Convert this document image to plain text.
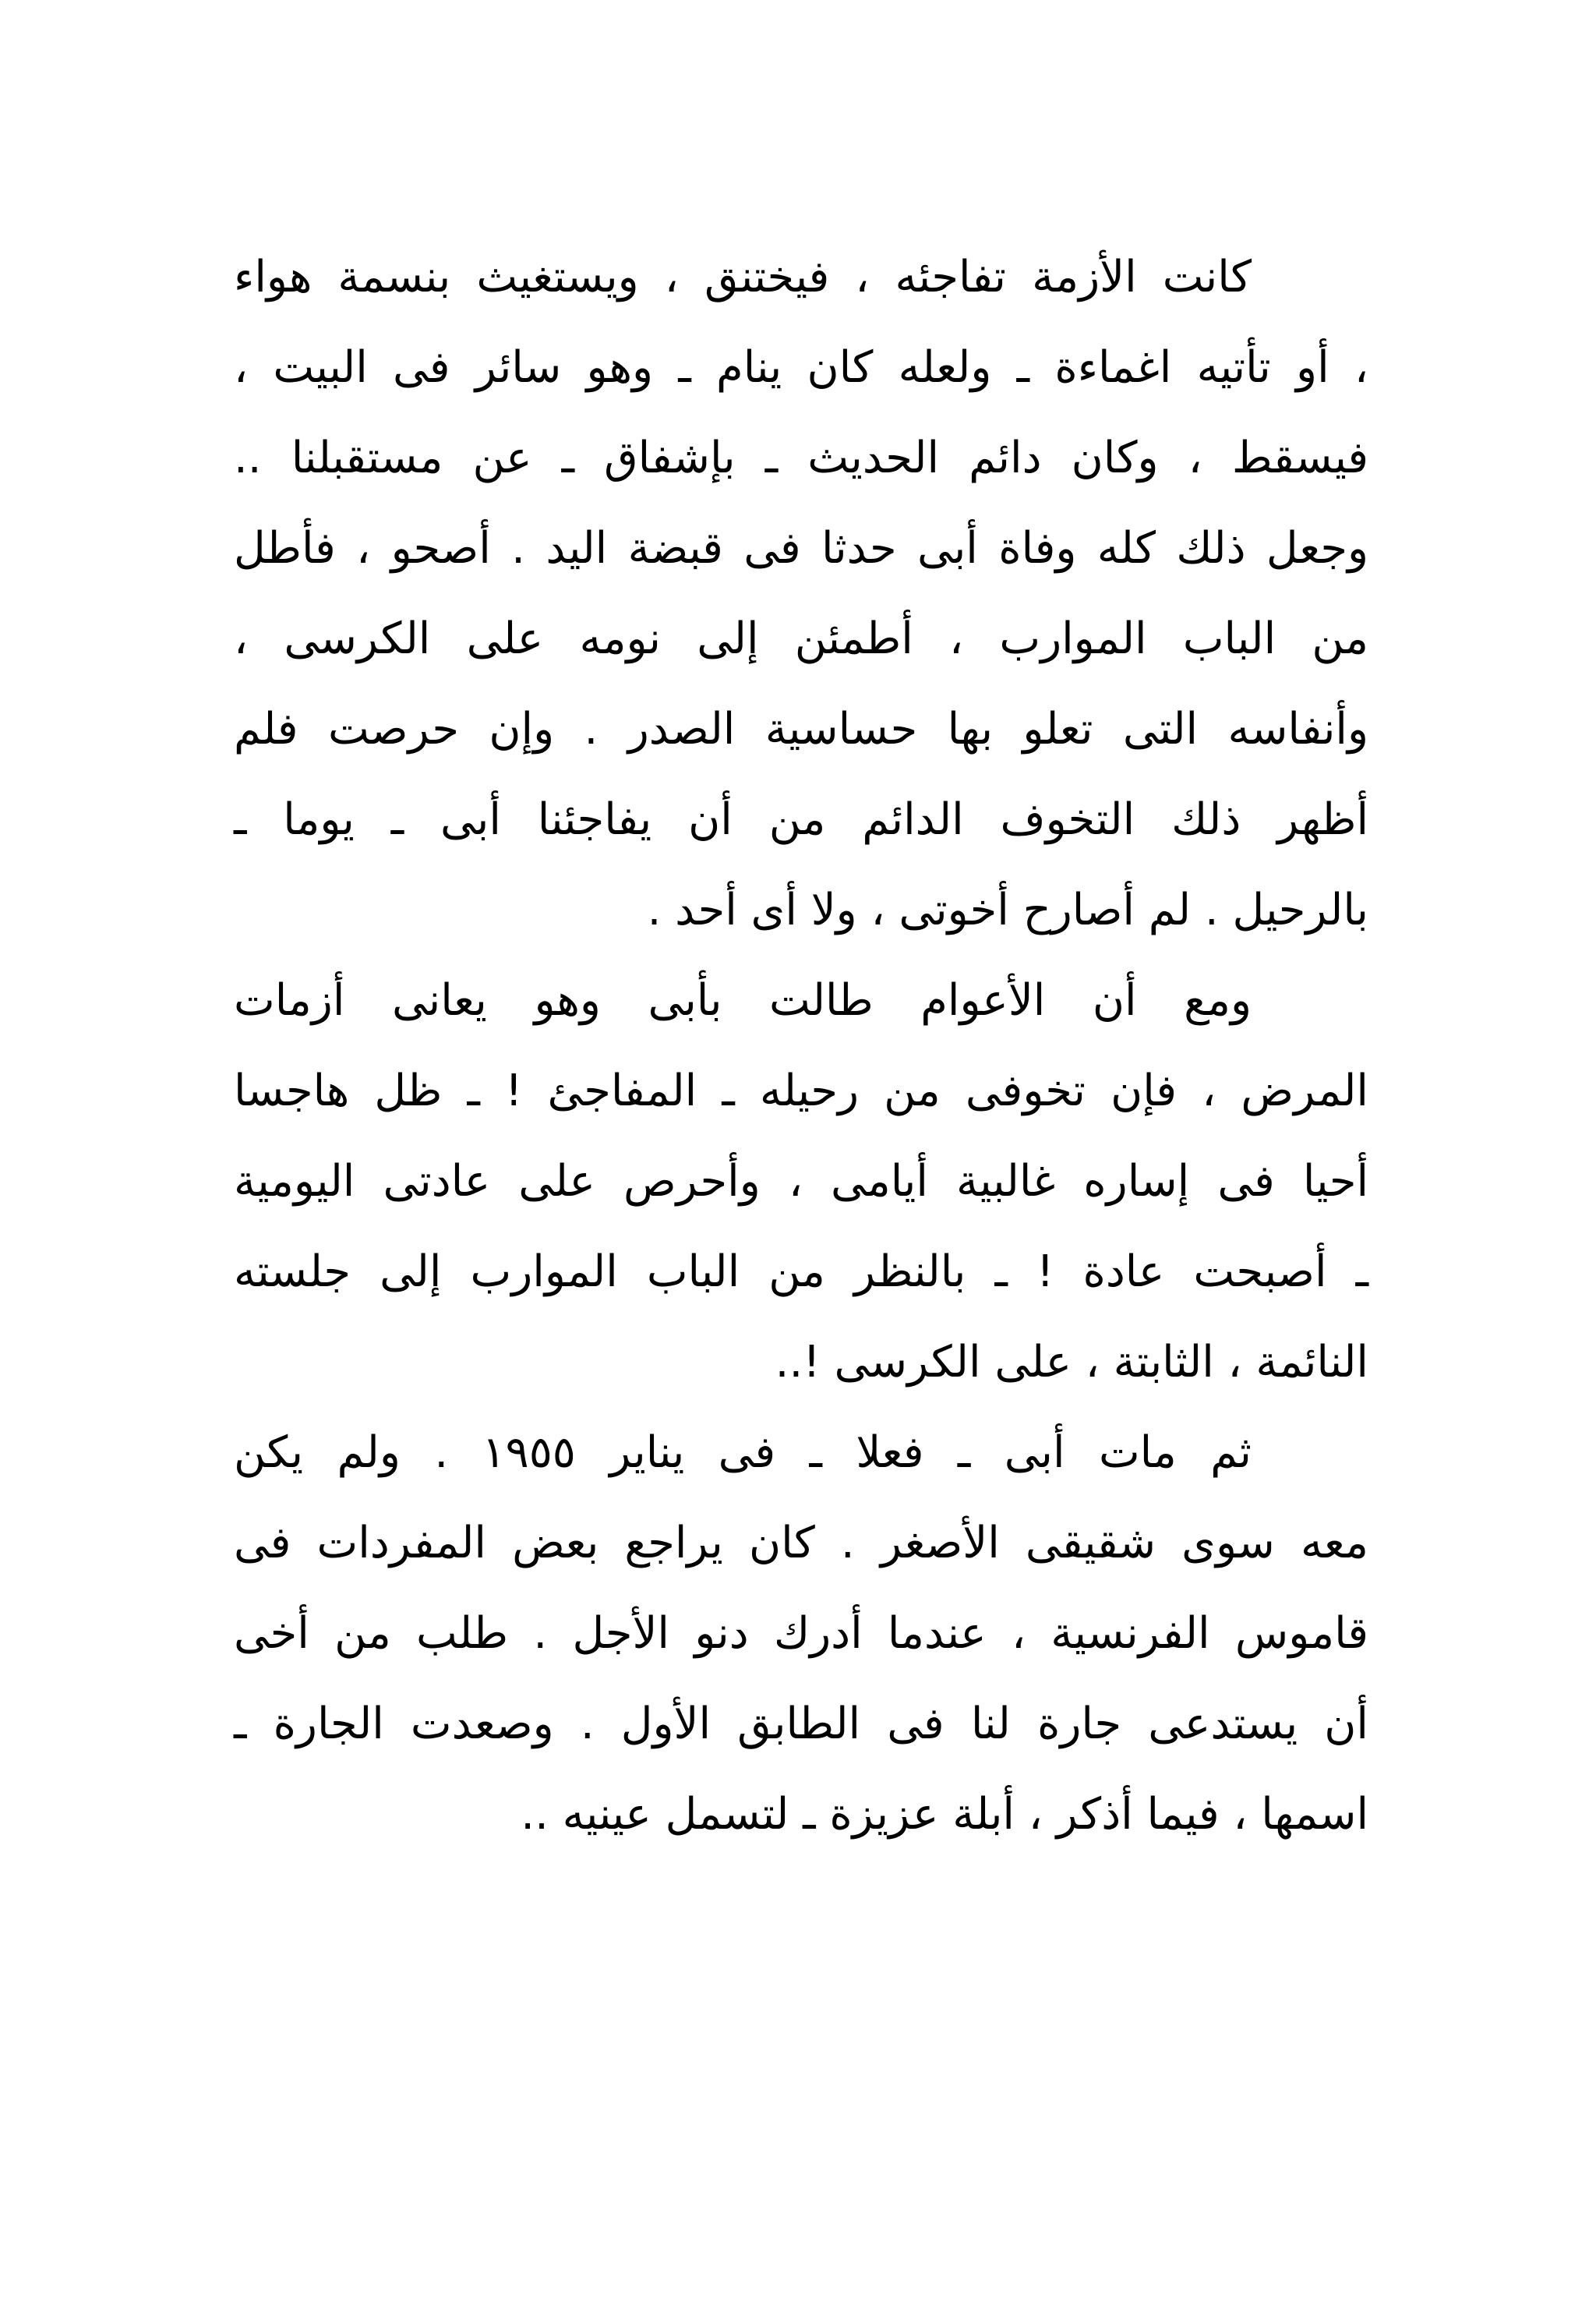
كانت الأزمة تفاجئه ، فيختنق ، ويستغيث بنسمة هواء
، أو تأتيه اغماءة ـ ولعله كان ينام ـ وهو سائر فى البيت ،
فيسقط ، وكان دائم الحديث ـ بإشفاق ـ عن مستقبلنا ..
وجعل ذلك كله وفاة أبى حدثا فى قبضة اليد . أصحو ، فأطل
من الباب الموارب ، أطمئن إلى نومه على الكرسى ،
وأنفاسه التى تعلو بها حساسية الصدر . وإن حرصت فلم
أظهر ذلك التخوف الدائم من أن يفاجئنا أبى ـ يوما ـ
بالرحيل . لم أصارح أخوتى ، ولا أى أحد .
ومع أن الأعوام طالت بأبى وهو يعانى أزمات
المرض ، فإن تخوفى من رحيله ـ المفاجئ ! ـ ظل هاجسا
أحيا فى إساره غالبية أيامى ، وأحرص على عادتى اليومية
ـ أصبحت عادة ! ـ بالنظر من الباب الموارب إلى جلسته
النائمة ، الثابتة ، على الكرسى !..
ثم مات أبى ـ فعلا ـ فى يناير ١٩٥٥ . ولم يكن
معه سوى شقيقى الأصغر . كان يراجع بعض المفردات فى
قاموس الفرنسية ، عندما أدرك دنو الأجل . طلب من أخى
أن يستدعى جارة لنا فى الطابق الأول . وصعدت الجارة ـ
اسمها ، فيما أذكر ، أبلة عزيزة ـ لتسمل عينيه ..
